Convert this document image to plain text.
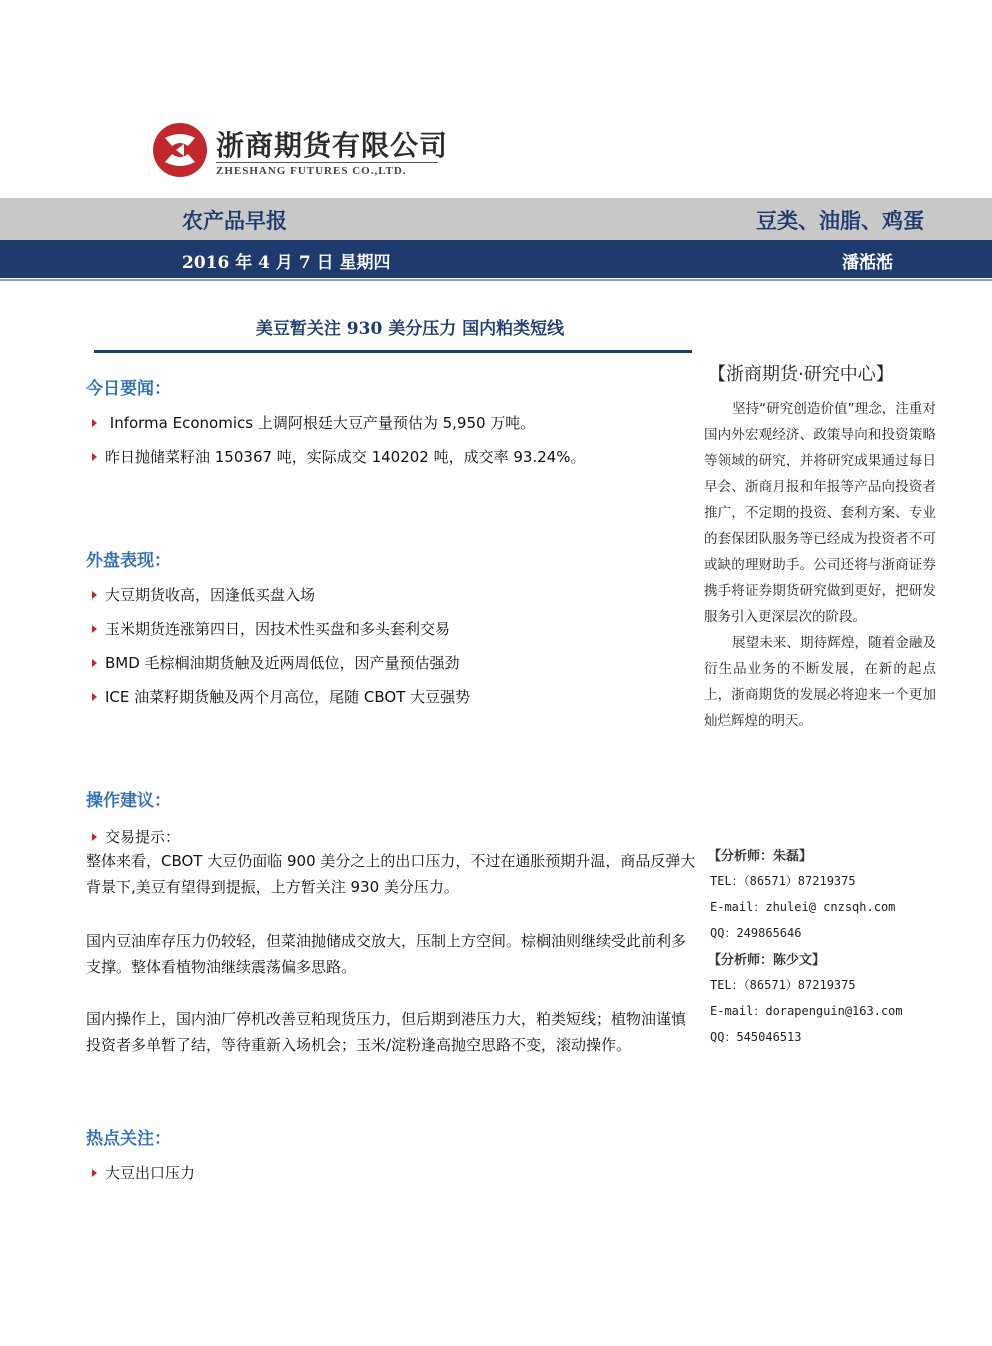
浙商期货有限公司
ZHESHANG FUTURES CO.,LTD.
农产品早报	豆类、油脂、鸡蛋
2016 年 4 月 7 日 星期四	潘湉湉
美豆暂关注 930 美分压力 国内粕类短线
今日要闻：
Informa Economics 上调阿根廷大豆产量预估为 5,950 万吨。
昨日抛储菜籽油 150367 吨，实际成交 140202 吨，成交率 93.24%。
外盘表现：
大豆期货收高，因逢低买盘入场
玉米期货连涨第四日，因技术性买盘和多头套利交易
BMD 毛棕榈油期货触及近两周低位，因产量预估强劲
ICE 油菜籽期货触及两个月高位，尾随 CBOT 大豆强势
操作建议：
交易提示：
整体来看，CBOT 大豆仍面临 900 美分之上的出口压力，不过在通胀预期升温，商品反弹大背景下,美豆有望得到提振，上方暂关注 930 美分压力。
国内豆油库存压力仍较轻，但菜油抛储成交放大，压制上方空间。棕榈油则继续受此前利多支撑。整体看植物油继续震荡偏多思路。
国内操作上，国内油厂停机改善豆粕现货压力，但后期到港压力大，粕类短线；植物油谨慎投资者多单暂了结，等待重新入场机会；玉米/淀粉逢高抛空思路不变，滚动操作。
热点关注：
大豆出口压力
【浙商期货·研究中心】

坚持“研究创造价值”理念，注重对国内外宏观经济、政策导向和投资策略等领域的研究，并将研究成果通过每日早会、浙商月报和年报等产品向投资者推广，不定期的投资、套利方案、专业的套保团队服务等已经成为投资者不可或缺的理财助手。公司还将与浙商证券携手将证券期货研究做到更好，把研发服务引入更深层次的阶段。

展望未来、期待辉煌，随着金融及衍生品业务的不断发展，在新的起点上，浙商期货的发展必将迎来一个更加灿烂辉煌的明天。

【分析师：朱磊】
TEL：（86571）87219375
E-mail：zhulei@ cnzsqh.com
QQ：249865646
【分析师：陈少文】
TEL：（86571）87219375
E-mail：dorapenguin@163.com
QQ：545046513
